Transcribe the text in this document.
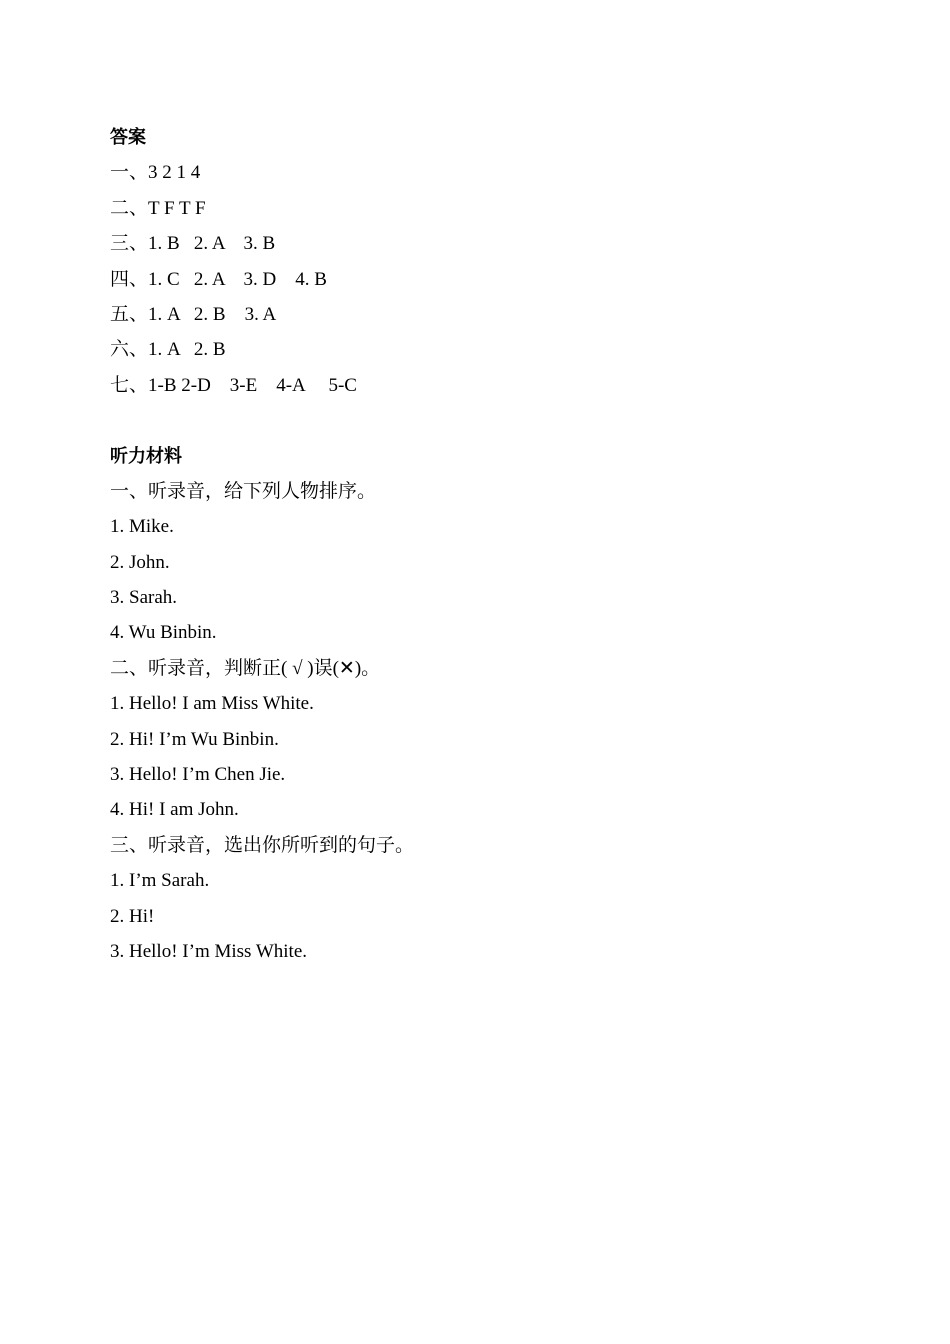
答案
一、3 2 1 4
二、T F T F
三、1. B   2. A    3. B
四、1. C   2. A    3. D    4. B
五、1. A   2. B    3. A
六、1. A   2. B
七、1-B 2-D    3-E    4-A     5-C
听力材料
一、听录音，给下列人物排序。
1. Mike.
2. John.
3. Sarah.
4. Wu Binbin.
二、听录音，判断正( √ )误(✕)。
1. Hello! I am Miss White.
2. Hi! I’m Wu Binbin.
3. Hello! I’m Chen Jie.
4. Hi! I am John.
三、听录音，选出你所听到的句子。
1. I’m Sarah.
2. Hi!
3. Hello! I’m Miss White.
